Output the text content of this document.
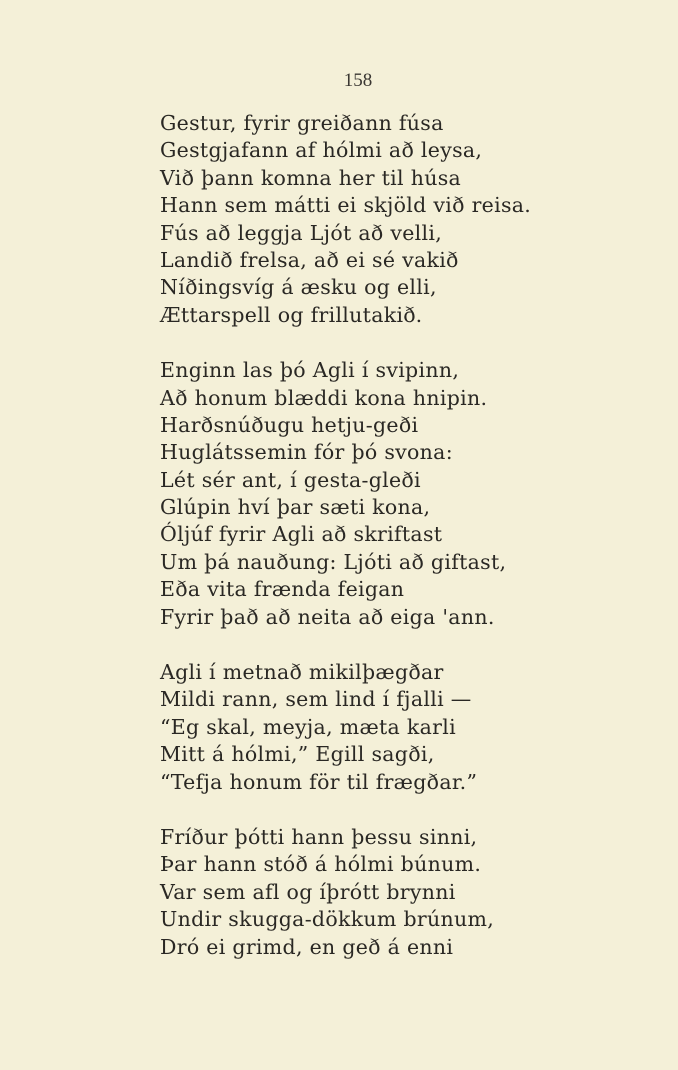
158
Gestur, fyrir greiðann fúsa
Gestgjafann af hólmi að leysa,
Við þann komna her til húsa
Hann sem mátti ei skjöld við reisa.
Fús að leggja Ljót að velli,
Landið frelsa, að ei sé vakið
Níðingsvíg á æsku og elli,
Ættarspell og frillutakið.
Enginn las þó Agli í svipinn,
Að honum blæddi kona hnipin.
Harðsnúðugu hetju-geði
Huglátssemin fór þó svona:
Lét sér ant, í gesta-gleði
Glúpin hví þar sæti kona,
Óljúf fyrir Agli að skriftast
Um þá nauðung: Ljóti að giftast,
Eða vita frænda feigan
Fyrir það að neita að eiga 'ann.
Agli í metnað mikilþægðar
Mildi rann, sem lind í fjalli —
“Eg skal, meyja, mæta karli
Mitt á hólmi,” Egill sagði,
“Tefja honum för til frægðar.”
Fríður þótti hann þessu sinni,
Þar hann stóð á hólmi búnum.
Var sem afl og íþrótt brynni
Undir skugga-dökkum brúnum,
Dró ei grimd, en geð á enni
